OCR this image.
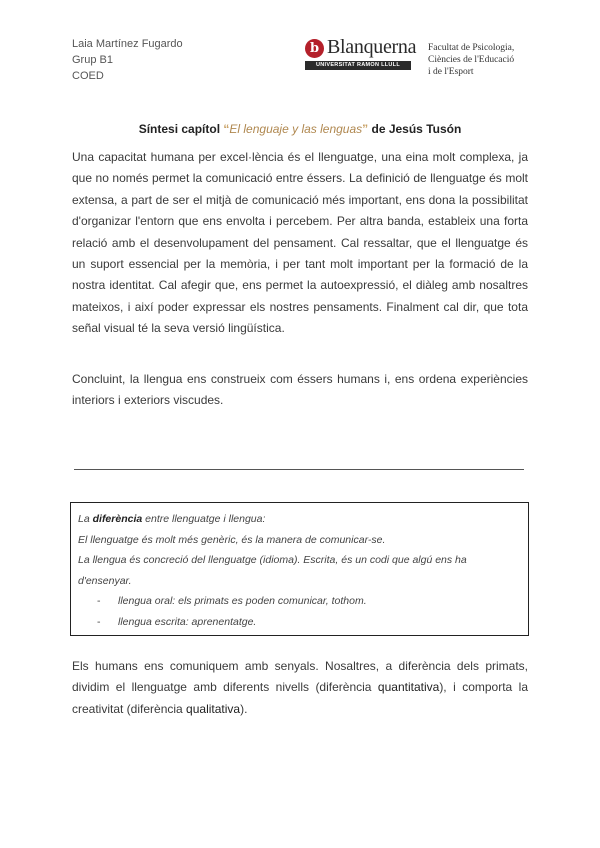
Laia Martínez Fugardo
Grup B1
COED
b Blanquerna
UNIVERSITAT RAMON LLULL
Facultat de Psicologia,
Ciències de l'Educació
i de l'Esport
Síntesi capítol “El lenguaje y las lenguas” de Jesús Tusón

Una capacitat humana per excel·lència és el llenguatge, una eina molt complexa, ja que no només permet la comunicació entre éssers. La definició de llenguatge és molt extensa, a part de ser el mitjà de comunicació més important, ens dona la possibilitat d'organizar l'entorn que ens envolta i percebem. Per altra banda, estableix una forta relació amb el desenvolupament del pensament. Cal ressaltar, que el llenguatge és un suport essencial per la memòria, i per tant molt important per la formació de la nostra identitat. Cal afegir que, ens permet la autoexpressió, el diàleg amb nosaltres mateixos, i així poder expressar els nostres pensaments. Finalment cal dir, que tota señal visual té la seva versió lingüística.

Concluint, la llengua ens construeix com éssers humans i, ens ordena experiències interiors i exteriors viscudes.

La diferència entre llenguatge i llengua:

El llenguatge és molt més genèric, és la manera de comunicar-se.

La llengua és concreció del llenguatge (idioma). Escrita, és un codi que algú ens ha d'ensenyar.

- llengua oral: els primats es poden comunicar, tothom.
- llengua escrita: aprenentatge.

Els humans ens comuniquem amb senyals. Nosaltres, a diferència dels primats, dividim el llenguatge amb diferents nivells (diferència quantitativa), i comporta la creativitat (diferència qualitativa).
